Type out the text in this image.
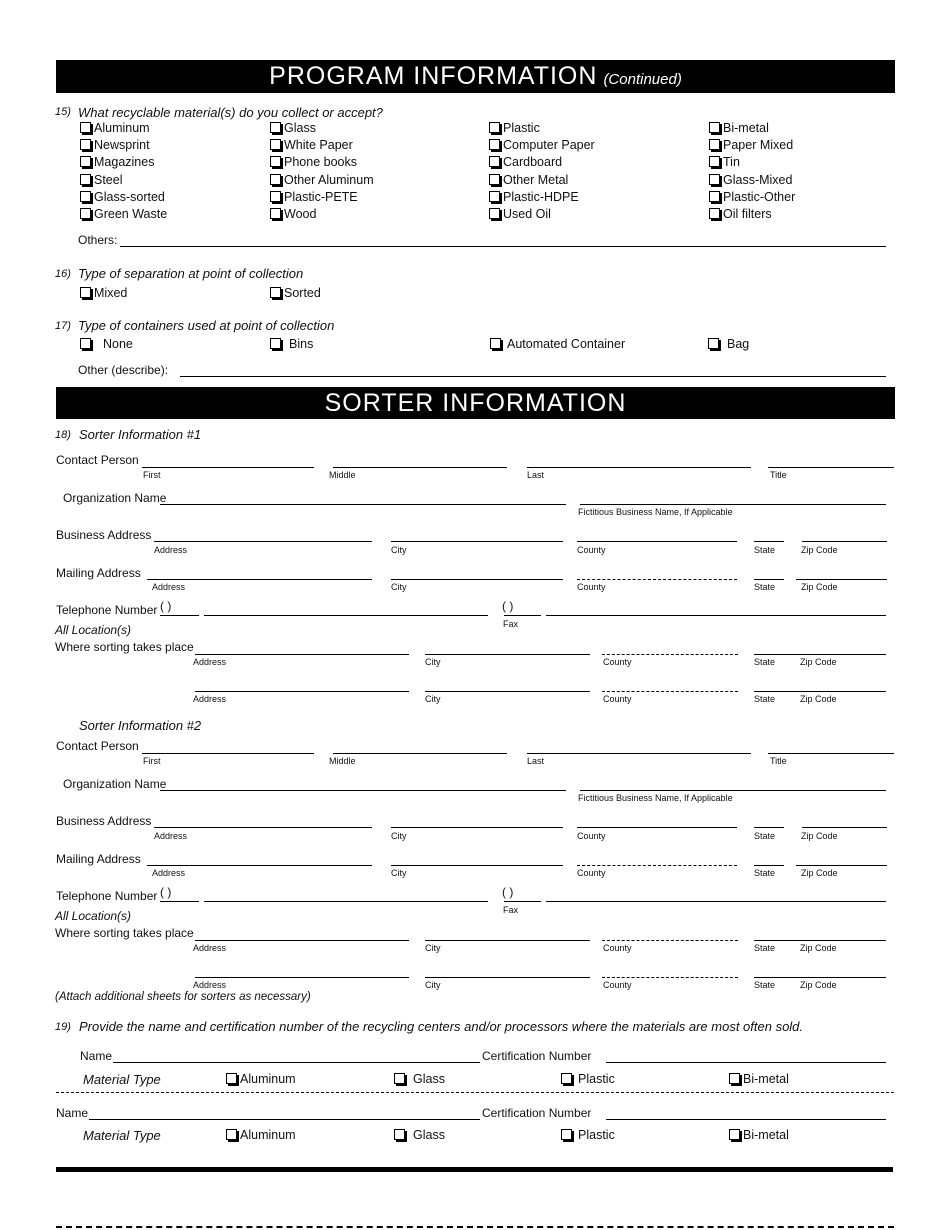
PROGRAM INFORMATION (Continued)
15) What recyclable material(s) do you collect or accept?
Aluminum	Glass	Plastic	Bi-metal
Newsprint	White Paper	Computer Paper	Paper Mixed
Magazines	Phone books	Cardboard	Tin
Steel	Other Aluminum	Other Metal	Glass-Mixed
Glass-sorted	Plastic-PETE	Plastic-HDPE	Plastic-Other
Green Waste	Wood	Used Oil	Oil filters
Others:
16) Type of separation at point of collection
Mixed	Sorted
17) Type of containers used at point of collection
None	Bins	Automated Container	Bag
Other (describe):
SORTER INFORMATION
18) Sorter Information #1
Contact Person
First	Middle	Last	Title
Organization Name
Fictitious Business Name, If Applicable
Business Address
Address	City	County	State	Zip Code
Mailing Address
Address	City	County	State	Zip Code
Telephone Number ( )	( )
Fax
All Location(s)
Where sorting takes place
Address	City	County	State	Zip Code
Address	City	County	State	Zip Code
Sorter Information #2
Contact Person
First	Middle	Last	Title
Organization Name
Fictitious Business Name, If Applicable
Business Address
Address	City	County	State	Zip Code
Mailing Address
Address	City	County	State	Zip Code
Telephone Number ( )	( )
Fax
All Location(s)
Where sorting takes place
Address	City	County	State	Zip Code
Address	City	County	State	Zip Code
(Attach additional sheets for sorters as necessary)
19) Provide the name and certification number of the recycling centers and/or processors where the materials are most often sold.
Name	Certification Number
Material Type	Aluminum	Glass	Plastic	Bi-metal
Name	Certification Number
Material Type	Aluminum	Glass	Plastic	Bi-metal
